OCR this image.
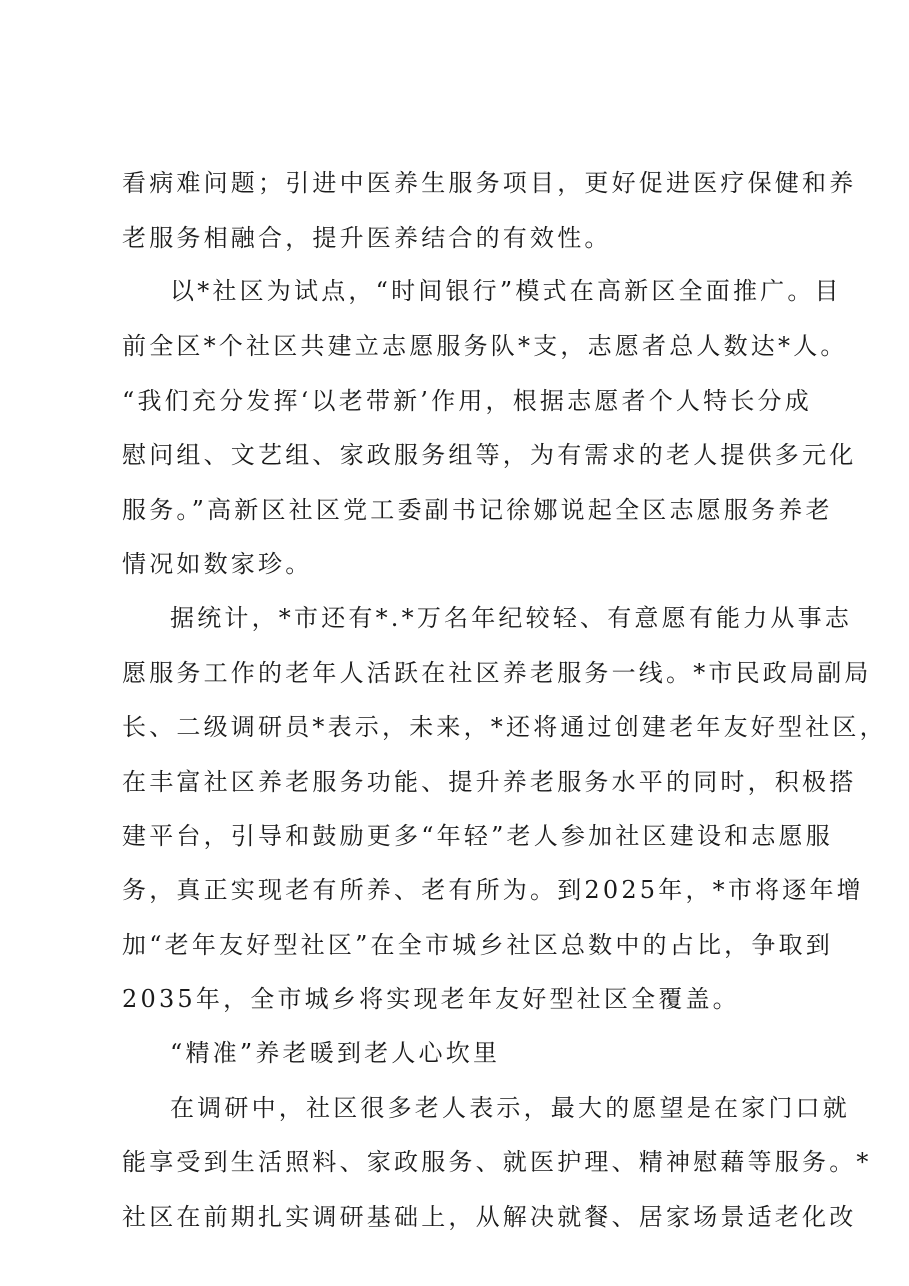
看病难问题；引进中医养生服务项目，更好促进医疗保健和养
老服务相融合，提升医养结合的有效性。
以*社区为试点，“时间银行”模式在高新区全面推广。目
前全区*个社区共建立志愿服务队*支，志愿者总人数达*人。
“我们充分发挥‘以老带新’作用，根据志愿者个人特长分成
慰问组、文艺组、家政服务组等，为有需求的老人提供多元化
服务。”高新区社区党工委副书记徐娜说起全区志愿服务养老
情况如数家珍。
据统计，*市还有*.*万名年纪较轻、有意愿有能力从事志
愿服务工作的老年人活跃在社区养老服务一线。*市民政局副局
长、二级调研员*表示，未来，*还将通过创建老年友好型社区，
在丰富社区养老服务功能、提升养老服务水平的同时，积极搭
建平台，引导和鼓励更多“年轻”老人参加社区建设和志愿服
务，真正实现老有所养、老有所为。到2025年，*市将逐年增
加“老年友好型社区”在全市城乡社区总数中的占比，争取到
2035年，全市城乡将实现老年友好型社区全覆盖。
“精准”养老暖到老人心坎里
在调研中，社区很多老人表示，最大的愿望是在家门口就
能享受到生活照料、家政服务、就医护理、精神慰藉等服务。*
社区在前期扎实调研基础上，从解决就餐、居家场景适老化改
